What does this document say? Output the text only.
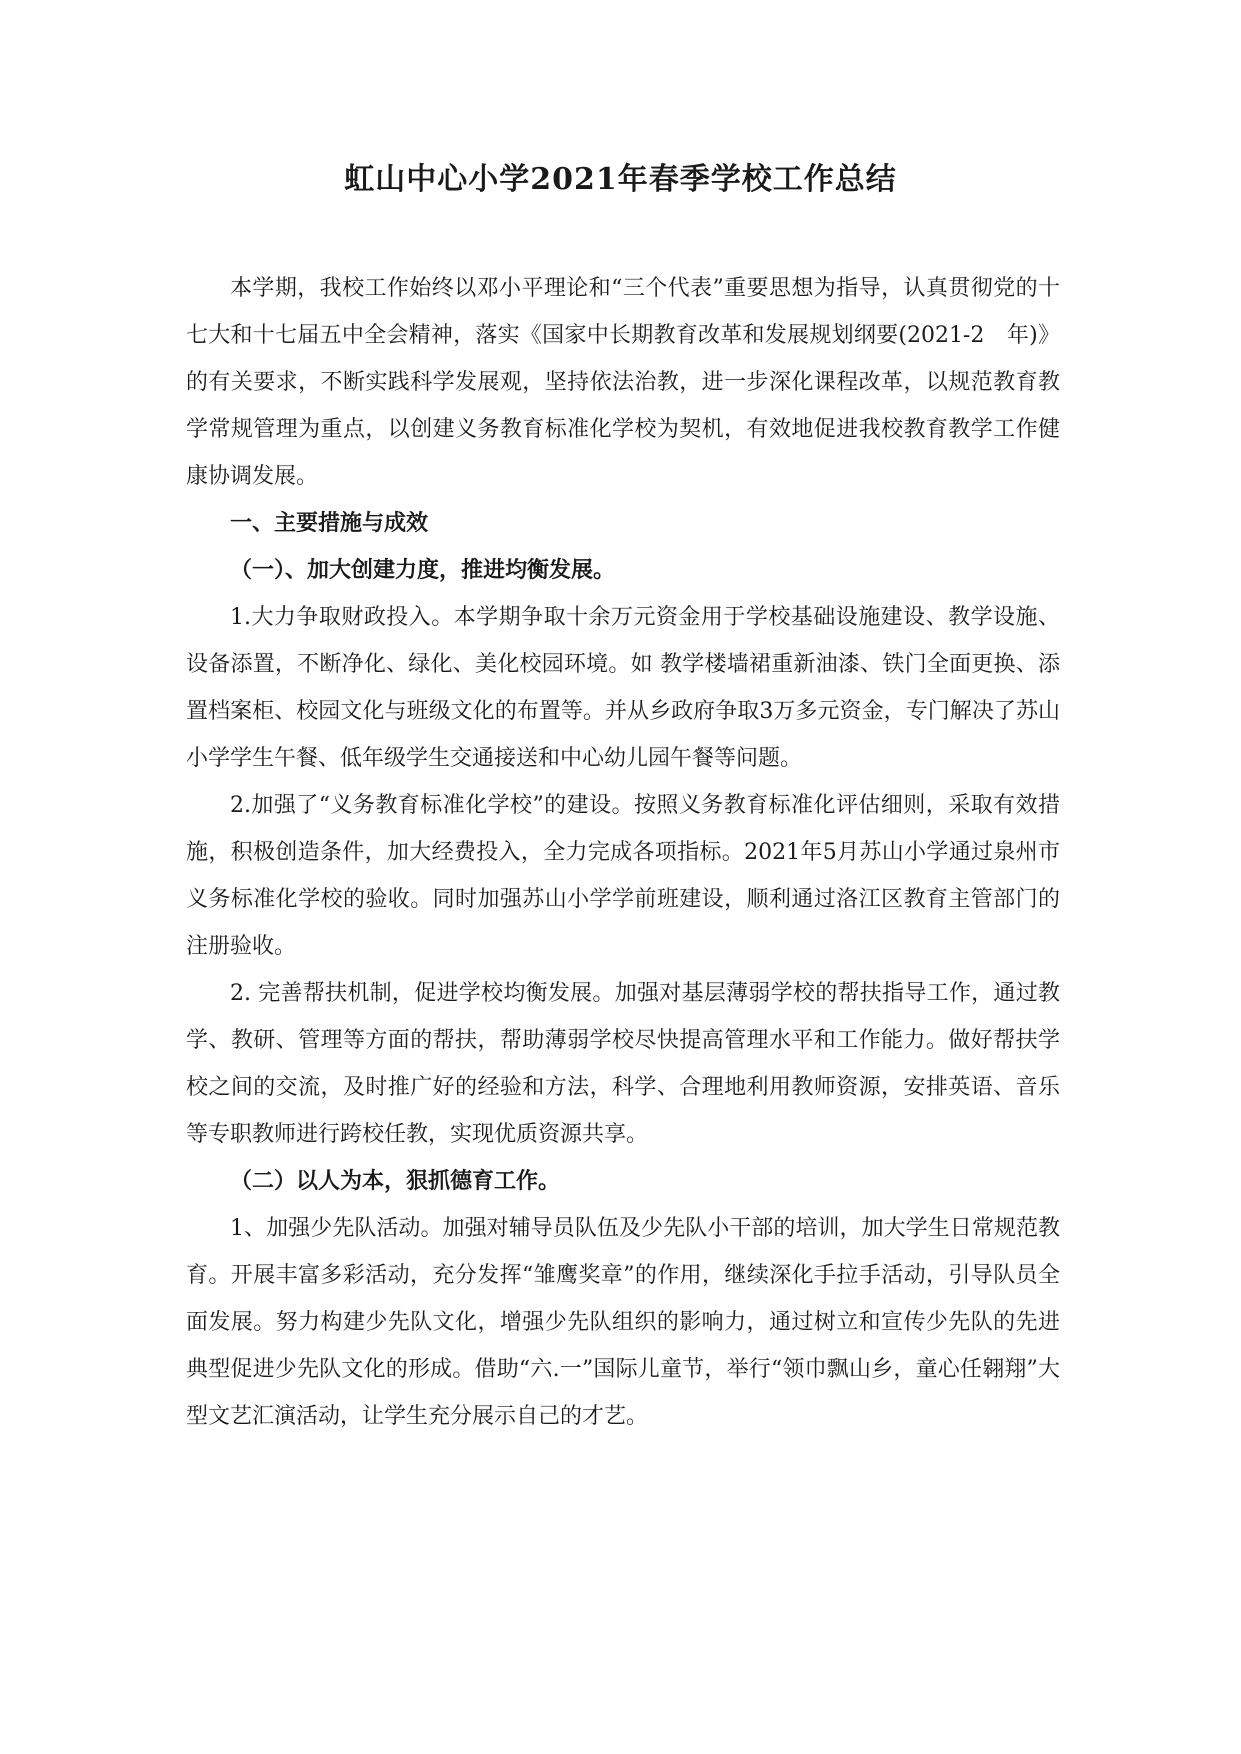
虹山中心小学2021年春季学校工作总结

本学期，我校工作始终以邓小平理论和“三个代表”重要思想为指导，认真贯彻党的十七大和十七届五中全会精神，落实《国家中长期教育改革和发展规划纲要(2021-2　年)》的有关要求，不断实践科学发展观，坚持依法治教，进一步深化课程改革，以规范教育教学常规管理为重点，以创建义务教育标准化学校为契机，有效地促进我校教育教学工作健康协调发展。

一、主要措施与成效

（一）、加大创建力度，推进均衡发展。

1.大力争取财政投入。本学期争取十余万元资金用于学校基础设施建设、教学设施、设备添置，不断净化、绿化、美化校园环境。如 教学楼墙裙重新油漆、铁门全面更换、添置档案柜、校园文化与班级文化的布置等。并从乡政府争取3万多元资金，专门解决了苏山小学学生午餐、低年级学生交通接送和中心幼儿园午餐等问题。

2.加强了“义务教育标准化学校”的建设。按照义务教育标准化评估细则，采取有效措施，积极创造条件，加大经费投入，全力完成各项指标。2021年5月苏山小学通过泉州市义务标准化学校的验收。同时加强苏山小学学前班建设，顺利通过洛江区教育主管部门的注册验收。

2. 完善帮扶机制，促进学校均衡发展。加强对基层薄弱学校的帮扶指导工作，通过教学、教研、管理等方面的帮扶，帮助薄弱学校尽快提高管理水平和工作能力。做好帮扶学校之间的交流，及时推广好的经验和方法，科学、合理地利用教师资源，安排英语、音乐等专职教师进行跨校任教，实现优质资源共享。

（二）以人为本，狠抓德育工作。

1、加强少先队活动。加强对辅导员队伍及少先队小干部的培训，加大学生日常规范教育。开展丰富多彩活动，充分发挥“雏鹰奖章”的作用，继续深化手拉手活动，引导队员全面发展。努力构建少先队文化，增强少先队组织的影响力，通过树立和宣传少先队的先进典型促进少先队文化的形成。借助“六.一”国际儿童节，举行“领巾飘山乡，童心任翱翔”大型文艺汇演活动，让学生充分展示自己的才艺。
